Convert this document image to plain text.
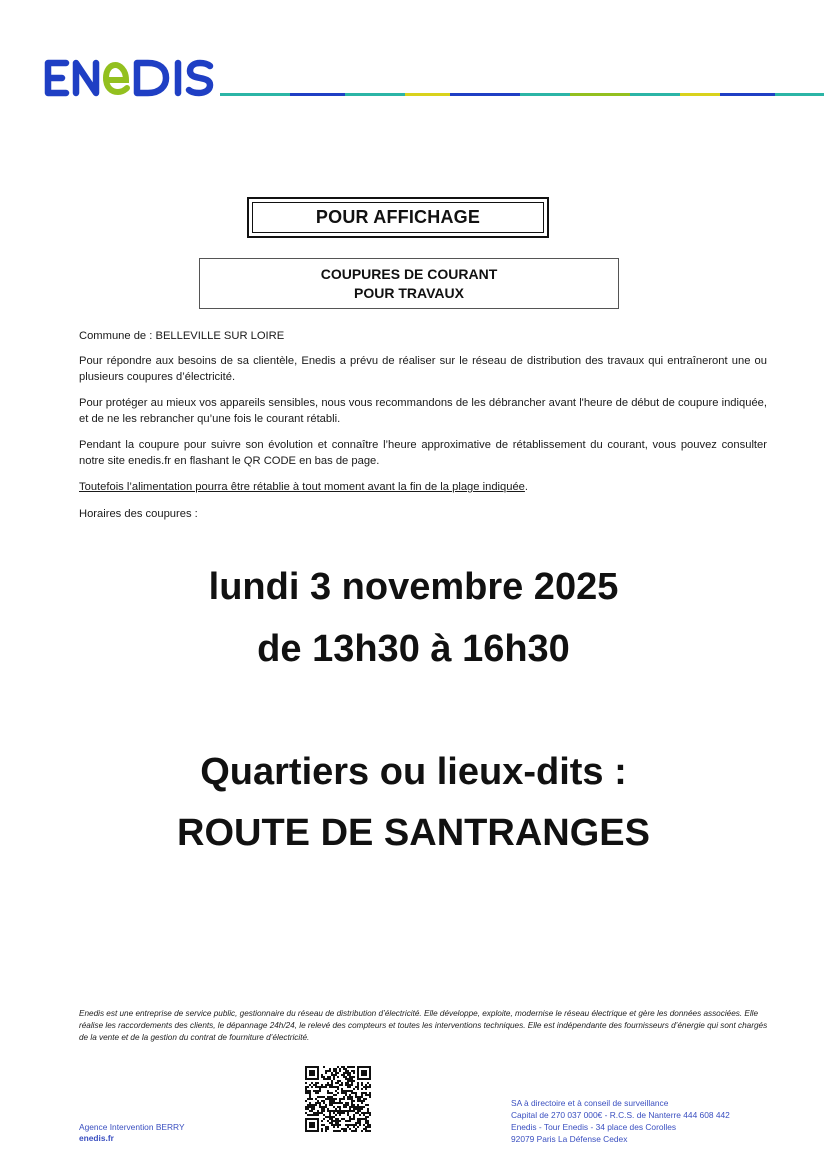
POUR AFFICHAGE
COUPURES DE COURANT
POUR TRAVAUX
Commune de : BELLEVILLE SUR LOIRE
Pour répondre aux besoins de sa clientèle, Enedis a prévu de réaliser sur le réseau de distribution des travaux qui entraîneront une ou plusieurs coupures d’électricité.
Pour protéger au mieux vos appareils sensibles, nous vous recommandons de les débrancher avant l'heure de début de coupure indiquée, et de ne les rebrancher qu’une fois le courant rétabli.
Pendant la coupure pour suivre son évolution et connaître l’heure approximative de rétablissement du courant, vous pouvez consulter notre site enedis.fr en flashant le QR CODE en bas de page.
Toutefois l’alimentation pourra être rétablie à tout moment avant la fin de la plage indiquée.
Horaires des coupures :
lundi 3 novembre 2025
de 13h30 à 16h30
Quartiers ou lieux-dits :
ROUTE DE SANTRANGES
Enedis est une entreprise de service public, gestionnaire du réseau de distribution d’électricité. Elle développe, exploite, modernise le réseau électrique et gère les données associées. Elle réalise les raccordements des clients, le dépannage 24h/24, le relevé des compteurs et toutes les interventions techniques. Elle est indépendante des fournisseurs d’énergie qui sont chargés de la vente et de la gestion du contrat de fourniture d’électricité.
Agence Intervention BERRY
enedis.fr
SA à directoire et à conseil de surveillance
Capital de 270 037 000€ - R.C.S. de Nanterre 444 608 442
Enedis - Tour Enedis - 34 place des Corolles
92079 Paris La Défense Cedex
